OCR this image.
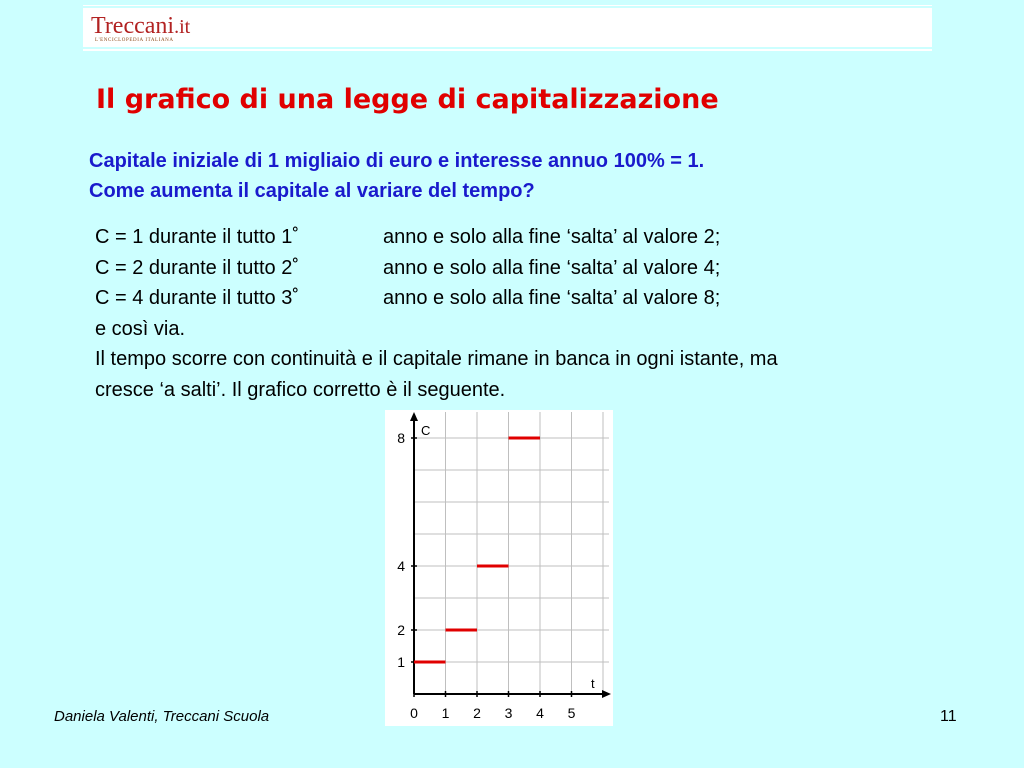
Treccani.it
L'ENCICLOPEDIA ITALIANA
Il grafico di una legge di capitalizzazione
Capitale iniziale di 1 migliaio di euro e interesse annuo 100% = 1.
Come aumenta il capitale al variare del tempo?
C = 1 durante il tutto 1˚	anno e solo alla fine ‘salta’ al valore 2;
C = 2 durante il tutto 2˚	anno e solo alla fine ‘salta’ al valore 4;
C = 4 durante il tutto 3˚	anno e solo alla fine ‘salta’ al valore 8;
e così via.
Il tempo scorre con continuità e il capitale rimane in banca in ogni istante, ma
cresce ‘a salti’. Il grafico corretto è il seguente.
C
t
0 1 2 3 4 5
1
2
4
8
Daniela Valenti, Treccani Scuola	11
